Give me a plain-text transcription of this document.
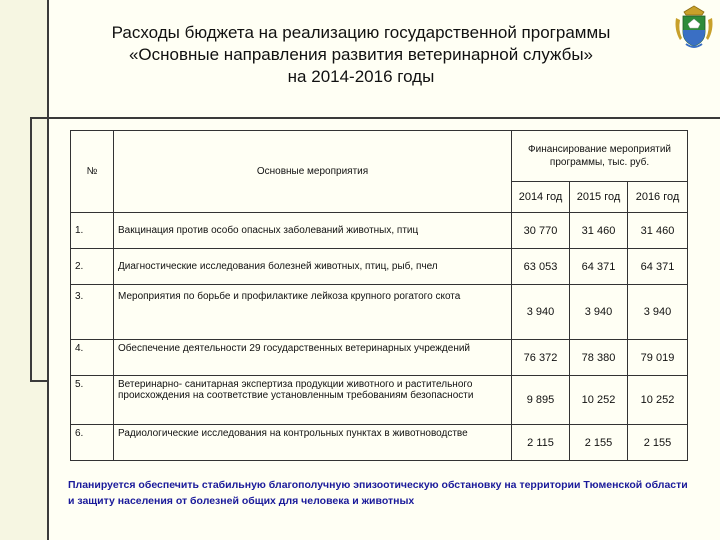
Расходы бюджета на реализацию государственной программы
«Основные направления развития ветеринарной службы»
на 2014-2016 годы
№	Основные мероприятия	Финансирование мероприятий программы, тыс. руб.		
		2014 год	2015 год	2016 год
1.	Вакцинация против особо опасных заболеваний животных, птиц	30 770	31 460	31 460
2.	Диагностические исследования болезней животных, птиц, рыб, пчел	63 053	64 371	64 371
3.	Мероприятия по борьбе и профилактике лейкоза крупного рогатого скота	3 940	3 940	3 940
4.	Обеспечение деятельности 29 государственных ветеринарных учреждений	76 372	78 380	79 019
5.	Ветеринарно- санитарная экспертиза продукции животного и растительного происхождения на соответствие установленным требованиям безопасности	9 895	10 252	10 252
6.	Радиологические исследования на контрольных пунктах в животноводстве	2 115	2 155	2 155
Планируется обеспечить стабильную благополучную эпизоотическую обстановку на территории Тюменской области и защиту населения от болезней общих для человека и животных
